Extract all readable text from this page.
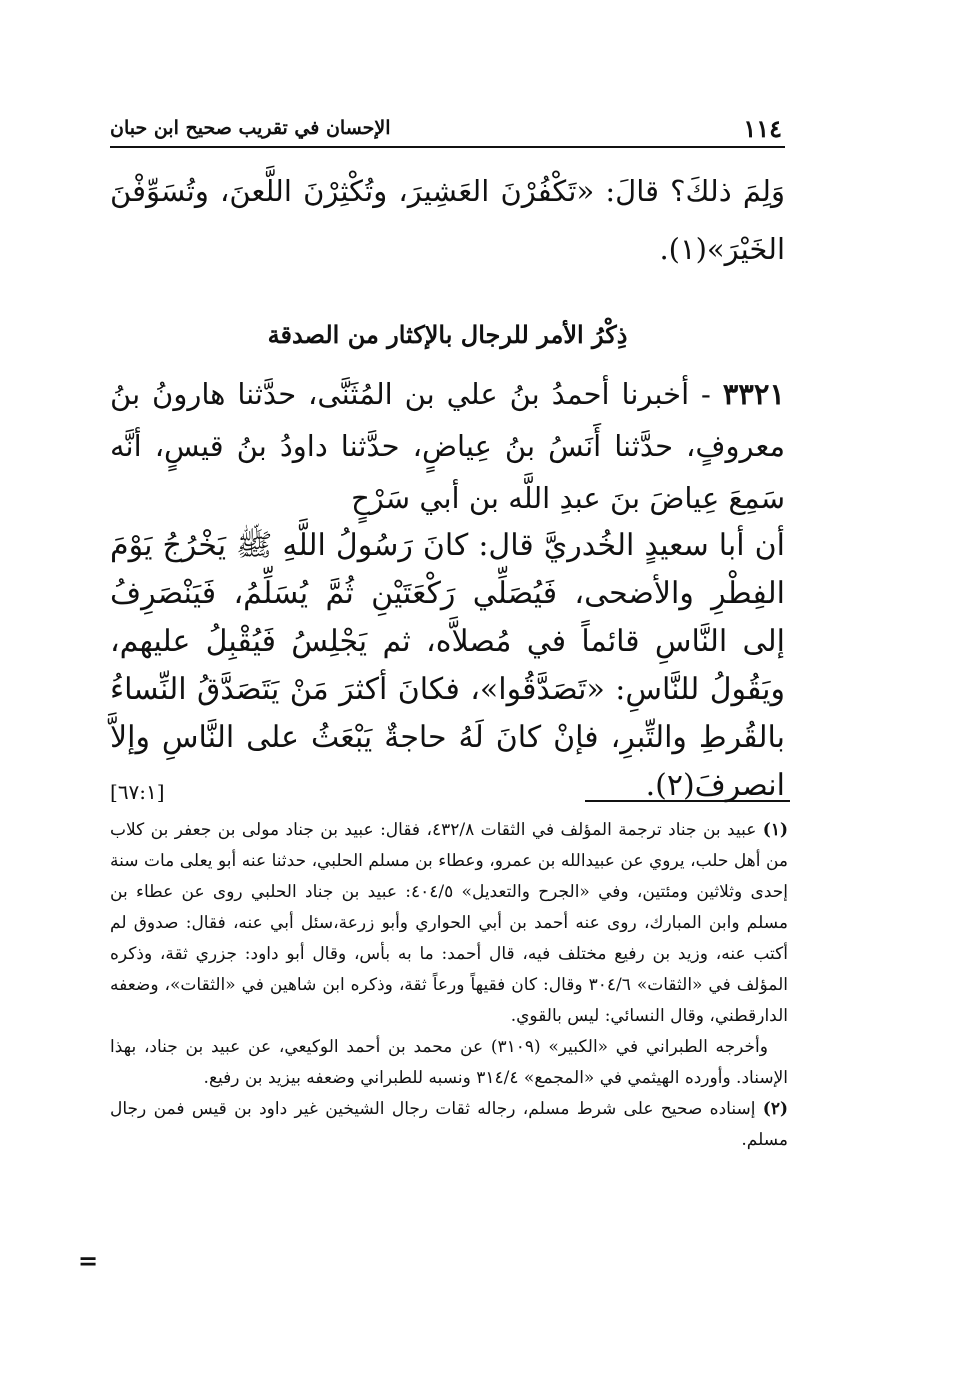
١١٤
الإحسان في تقريب صحيح ابن حبان
وَلِمَ ذلكَ؟ قالَ: «تَكْفُرْنَ العَشِيرَ، وتُكْثِرْنَ اللَّعنَ، وتُسَوِّفْنَ الخَيْرَ»(١).
ذِكْرُ الأمر للرجال بالإكثار من الصدقة
٣٣٢١ - أخبرنا أحمدُ بنُ علي بن المُثَنَّى، حدَّثنا هارونُ بنُ معروفٍ، حدَّثنا أَنَسُ بنُ عِياضٍ، حدَّثنا داودُ بنُ قيسٍ، أنَّه سَمِعَ عِياضَ بنَ عبدِ اللَّه بن أبي سَرْحٍ
أن أبا سعيدٍ الخُدريَّ قال: كانَ رَسُولُ اللَّهِ ﷺ يَخْرُجُ يَوْمَ الفِطْرِ والأضحى، فَيُصَلِّي رَكْعَتَيْنِ ثُمَّ يُسَلِّمُ، فَيَنْصَرِفُ إلى النَّاسِ قائماً في مُصلاَّه، ثم يَجْلِسُ فَيُقْبِلُ عليهم، ويَقُولُ للنَّاسِ: «تَصَدَّقُوا»، فكانَ أكثرَ مَنْ يَتَصَدَّقُ النِّساءُ بالقُرطِ والتِّبرِ، فإنْ كانَ لَهُ حاجةٌ يَبْعَثُ على النَّاسِ وإلاَّ انصرفَ(٢).
[٦٧:١]

(١) عبيد بن جناد ترجمة المؤلف في الثقات ٤٣٢/٨، فقال: عبيد بن جناد مولى بن جعفر بن كلاب من أهل حلب، يروي عن عبيدالله بن عمرو، وعطاء بن مسلم الحلبي، حدثنا عنه أبو يعلى مات سنة إحدى وثلاثين ومئتين، وفي «الجرح والتعديل» ٤٠٤/٥: عبيد بن جناد الحلبي روى عن عطاء بن مسلم وابن المبارك، روى عنه أحمد بن أبي الحواري وأبو زرعة،سئل أبي عنه، فقال: صدوق لم أكتب عنه، وزيد بن رفيع مختلف فيه، قال أحمد: ما به بأس، وقال أبو داود: جزري ثقة، وذكره المؤلف في «الثقات» ٣٠٤/٦ وقال: كان فقيهاً ورعاً ثقة، وذكره ابن شاهين في «الثقات»، وضعفه الدارقطني، وقال النسائي: ليس بالقوي.

وأخرجه الطبراني في «الكبير» (٣١٠٩) عن محمد بن أحمد الوكيعي، عن عبيد بن جناد، بهذا الإسناد. وأورده الهيثمي في «المجمع» ٣١٤/٤ ونسبه للطبراني وضعفه بيزيد بن رفيع.

(٢) إسناده صحيح على شرط مسلم، رجاله ثقات رجال الشيخين غير داود بن قيس فمن رجال مسلم.

=
